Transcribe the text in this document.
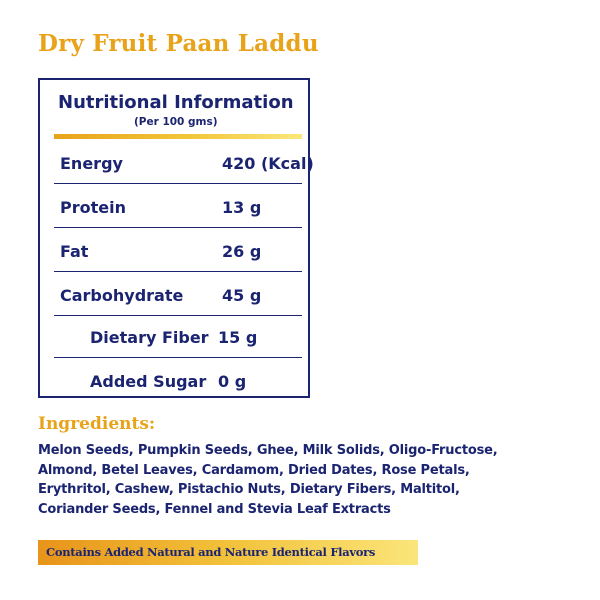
Dry Fruit Paan Laddu
Nutritional Information
(Per 100 gms)
Energy	420 (Kcal)
Protein	13 g
Fat	26 g
Carbohydrate 45 g
Dietary Fiber 15 g
Added Sugar 0 g
Ingredients:
Melon Seeds, Pumpkin Seeds, Ghee, Milk Solids, Oligo-Fructose,
Almond, Betel Leaves, Cardamom, Dried Dates, Rose Petals,
Erythritol, Cashew, Pistachio Nuts, Dietary Fibers, Maltitol,
Coriander Seeds, Fennel and Stevia Leaf Extracts
Contains Added Natural and Nature Identical Flavors
